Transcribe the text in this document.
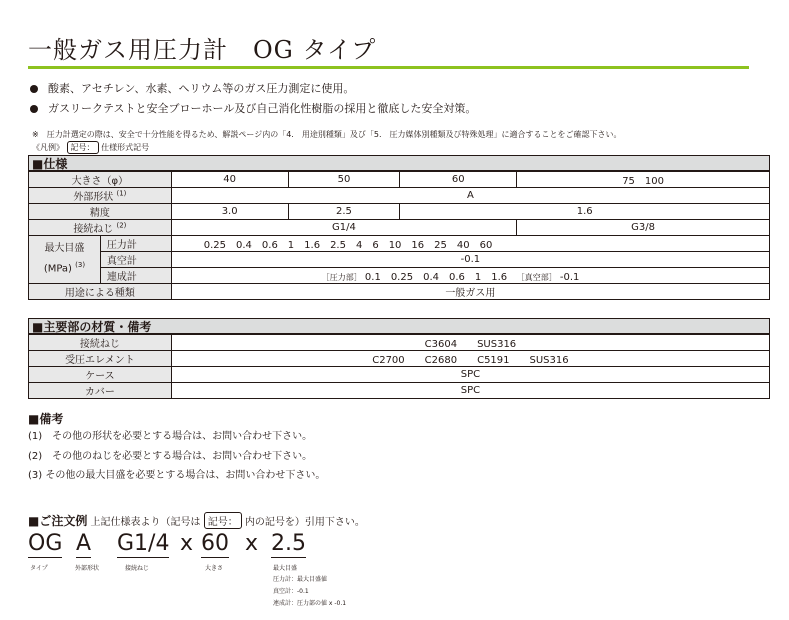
一般ガス用圧力計　OG タイプ
酸素、アセチレン、水素、ヘリウム等のガス圧力測定に使用。
ガスリークテストと安全ブローホール及び自己消化性樹脂の採用と徹底した安全対策。
※　圧力計選定の際は、安全で十分性能を得るため、解説ページ内の「4.　用途別種類」及び「5.　圧力媒体別種類及び特殊処理」に適合することをご確認下さい。
《凡例》 記号： 仕様形式記号
■仕様
大きさ（φ）		40	50	60	75　100
外部形状 $^{(1)}$		A			
精度		3.0	2.5	1.6	
接続ねじ $^{(2)}$		G1/4			G3/8

最大目盛
(MPa) $^{(3)}$	圧力計	0.25　0.4　0.6　1　1.6　2.5　4　6　10　16　25　40　60			
	真空計	-0.1			
	連成計	［圧力部］ 0.1　0.25　0.4　0.6　1　1.6 ［真空部］ -0.1			
用途による種類		一般ガス用			
■主要部の材質・備考
接続ねじ	C3604　　SUS316
受圧エレメント	C2700　　C2680　　C5191　　SUS316
ケース	SPC
カバー	SPC
■備考
(1)　その他の形状を必要とする場合は、お問い合わせ下さい。
(2)　その他のねじを必要とする場合は、お問い合わせ下さい。
(3) その他の最大目盛を必要とする場合は、お問い合わせ下さい。
■ご注文例 上記仕様表より（記号は 記号： 内の記号を）引用下さい。
OG A G1/4 x 60 x 2.5
タイプ	外部形状	接続ねじ	大きさ	最大目盛
圧力計：最大目盛値
真空計：-0.1
連成計：圧力部の値 x -0.1
